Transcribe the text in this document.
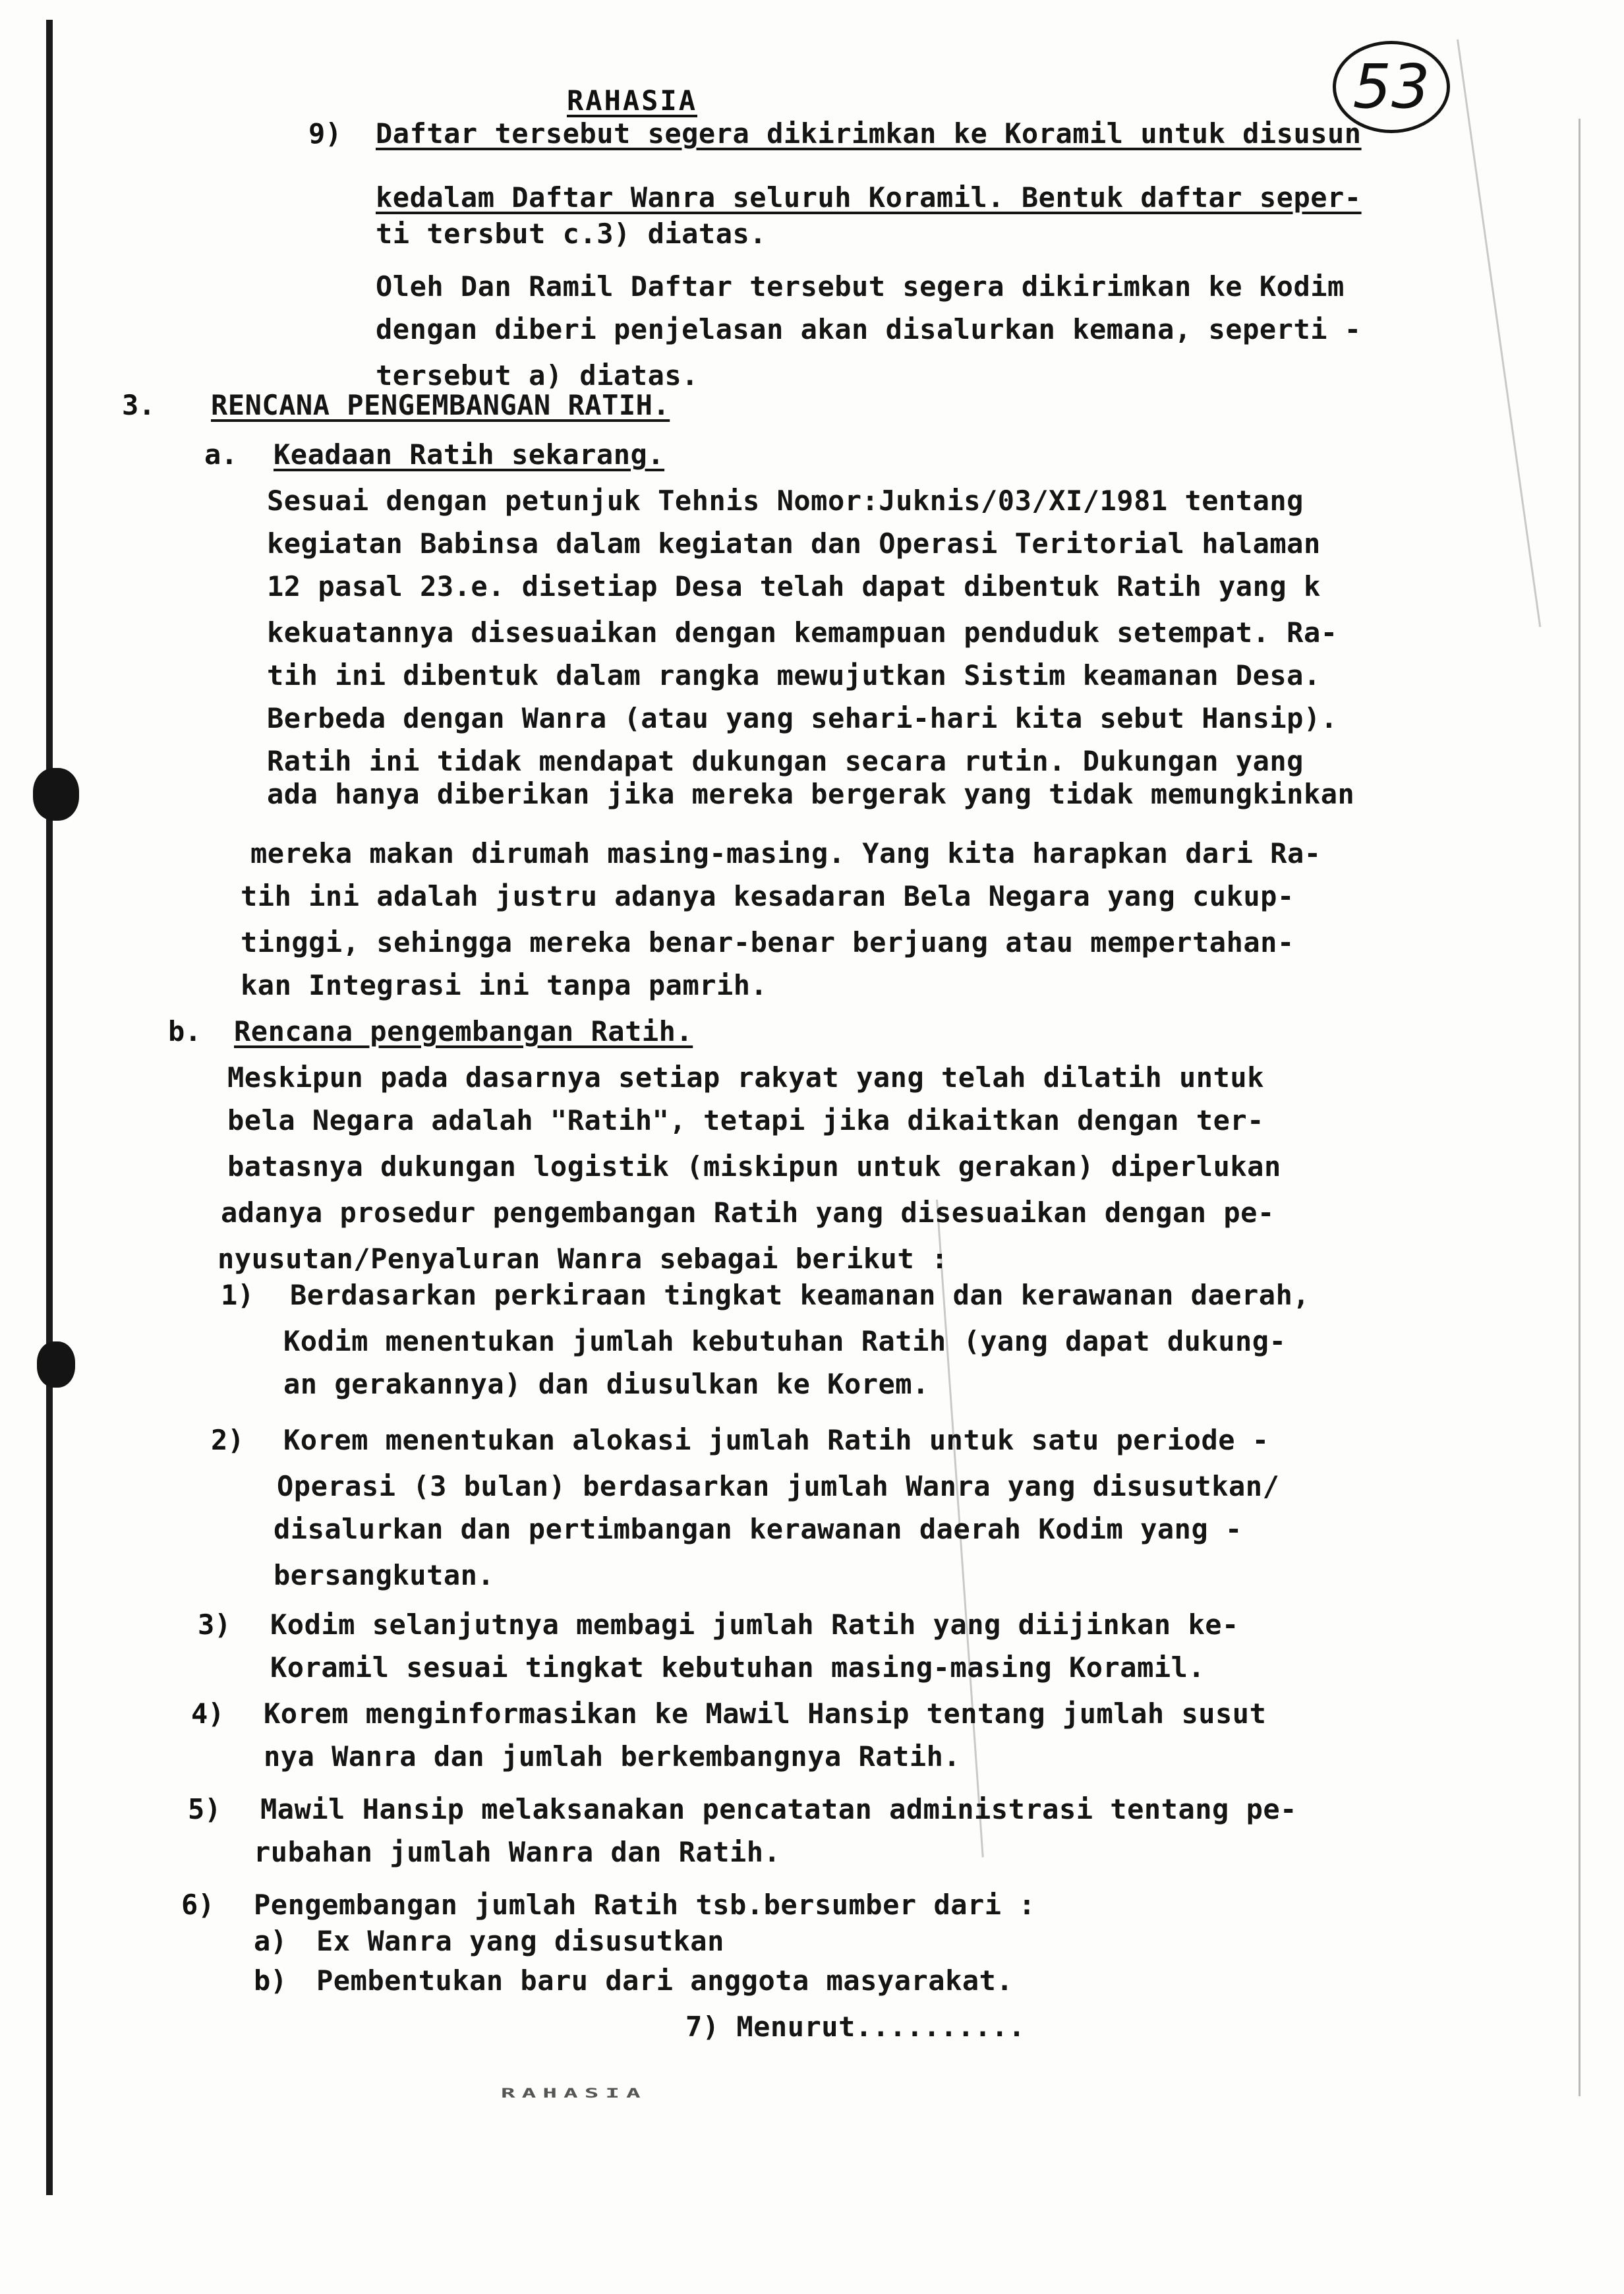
RAHASIA	53
9) Daftar tersebut segera dikirimkan ke Koramil untuk disusun
kedalam Daftar Wanra seluruh Koramil. Bentuk daftar seper-
ti tersbut c.3) diatas.
Oleh Dan Ramil Daftar tersebut segera dikirimkan ke Kodim
dengan diberi penjelasan akan disalurkan kemana, seperti -
tersebut a) diatas.
3. RENCANA PENGEMBANGAN RATIH.
a. Keadaan Ratih sekarang.
Sesuai dengan petunjuk Tehnis Nomor:Juknis/03/XI/1981 tentang
kegiatan Babinsa dalam kegiatan dan Operasi Teritorial halaman
12 pasal 23.e. disetiap Desa telah dapat dibentuk Ratih yang k
kekuatannya disesuaikan dengan kemampuan penduduk setempat. Ra-
tih ini dibentuk dalam rangka mewujutkan Sistim keamanan Desa.
Berbeda dengan Wanra (atau yang sehari-hari kita sebut Hansip).
Ratih ini tidak mendapat dukungan secara rutin. Dukungan yang
ada hanya diberikan jika mereka bergerak yang tidak memungkinkan
mereka makan dirumah masing-masing. Yang kita harapkan dari Ra-
tih ini adalah justru adanya kesadaran Bela Negara yang cukup-
tinggi, sehingga mereka benar-benar berjuang atau mempertahan-
kan Integrasi ini tanpa pamrih.
b. Rencana pengembangan Ratih.
Meskipun pada dasarnya setiap rakyat yang telah dilatih untuk
bela Negara adalah "Ratih", tetapi jika dikaitkan dengan ter-
batasnya dukungan logistik (miskipun untuk gerakan) diperlukan
adanya prosedur pengembangan Ratih yang disesuaikan dengan pe-
nyusutan/Penyaluran Wanra sebagai berikut :
1) Berdasarkan perkiraan tingkat keamanan dan kerawanan daerah,
Kodim menentukan jumlah kebutuhan Ratih (yang dapat dukung-
an gerakannya) dan diusulkan ke Korem.
2) Korem menentukan alokasi jumlah Ratih untuk satu periode -
Operasi (3 bulan) berdasarkan jumlah Wanra yang disusutkan/
disalurkan dan pertimbangan kerawanan daerah Kodim yang -
bersangkutan.
3) Kodim selanjutnya membagi jumlah Ratih yang diijinkan ke-
Koramil sesuai tingkat kebutuhan masing-masing Koramil.
4) Korem menginformasikan ke Mawil Hansip tentang jumlah susut
nya Wanra dan jumlah berkembangnya Ratih.
5) Mawil Hansip melaksanakan pencatatan administrasi tentang pe-
rubahan jumlah Wanra dan Ratih.
6) Pengembangan jumlah Ratih tsb.bersumber dari :
a) Ex Wanra yang disusutkan
b) Pembentukan baru dari anggota masyarakat.
7) Menurut..........
RAHASIA
